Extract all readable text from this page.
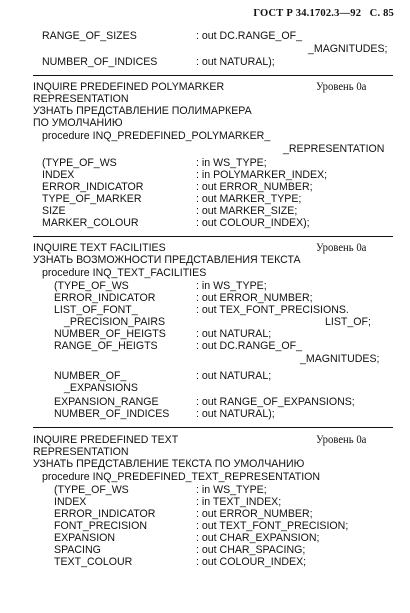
ГОСТ Р 34.1702.3—92 С. 85
RANGE_OF_SIZES	: out DC.RANGE_OF_
_MAGNITUDES;
NUMBER_OF_INDICES	: out NATURAL);
INQUIRE PREDEFINED POLYMARKER	Уровень 0а
REPRESENTATION
УЗНАТЬ ПРЕДСТАВЛЕНИЕ ПОЛИМАРКЕРА
ПО УМОЛЧАНИЮ
procedure INQ_PREDEFINED_POLYMARKER_
_REPRESENTATION
(TYPE_OF_WS	: in WS_TYPE;
INDEX	: in POLYMARKER_INDEX;
ERROR_INDICATOR	: out ERROR_NUMBER;
TYPE_OF_MARKER	: out MARKER_TYPE;
SIZE	: out MARKER_SIZE;
MARKER_COLOUR	: out COLOUR_INDEX);
INQUIRE TEXT FACILITIES	Уровень 0а
УЗНАТЬ ВОЗМОЖНОСТИ ПРЕДСТАВЛЕНИЯ ТЕКСТА
procedure INQ_TEXT_FACILITIES
(TYPE_OF_WS	: in WS_TYPE;
ERROR_INDICATOR	: out ERROR_NUMBER;
LIST_OF_FONT_	: out TEX_FONT_PRECISIONS.
_PRECISION_PAIRS	LIST_OF;
NUMBER_OF_HEIGTS	: out NATURAL;
RANGE_OF_HEIGTS	: out DC.RANGE_OF_
_MAGNITUDES;
NUMBER_OF_	: out NATURAL;
_EXPANSIONS
EXPANSION_RANGE	: out RANGE_OF_EXPANSIONS;
NUMBER_OF_INDICES : out NATURAL);
INQUIRE PREDEFINED TEXT	Уровень 0а
REPRESENTATION
УЗНАТЬ ПРЕДСТАВЛЕНИЕ ТЕКСТА ПО УМОЛЧАНИЮ
procedure INQ_PREDEFINED_TEXT_REPRESENTATION
(TYPE_OF_WS	: in WS_TYPE;
INDEX	: in TEXT_INDEX;
ERROR_INDICATOR	: out ERROR_NUMBER;
FONT_PRECISION	: out TEXT_FONT_PRECISION;
EXPANSION	: out CHAR_EXPANSION;
SPACING	: out CHAR_SPACING;
TEXT_COLOUR	: out COLOUR_INDEX;
